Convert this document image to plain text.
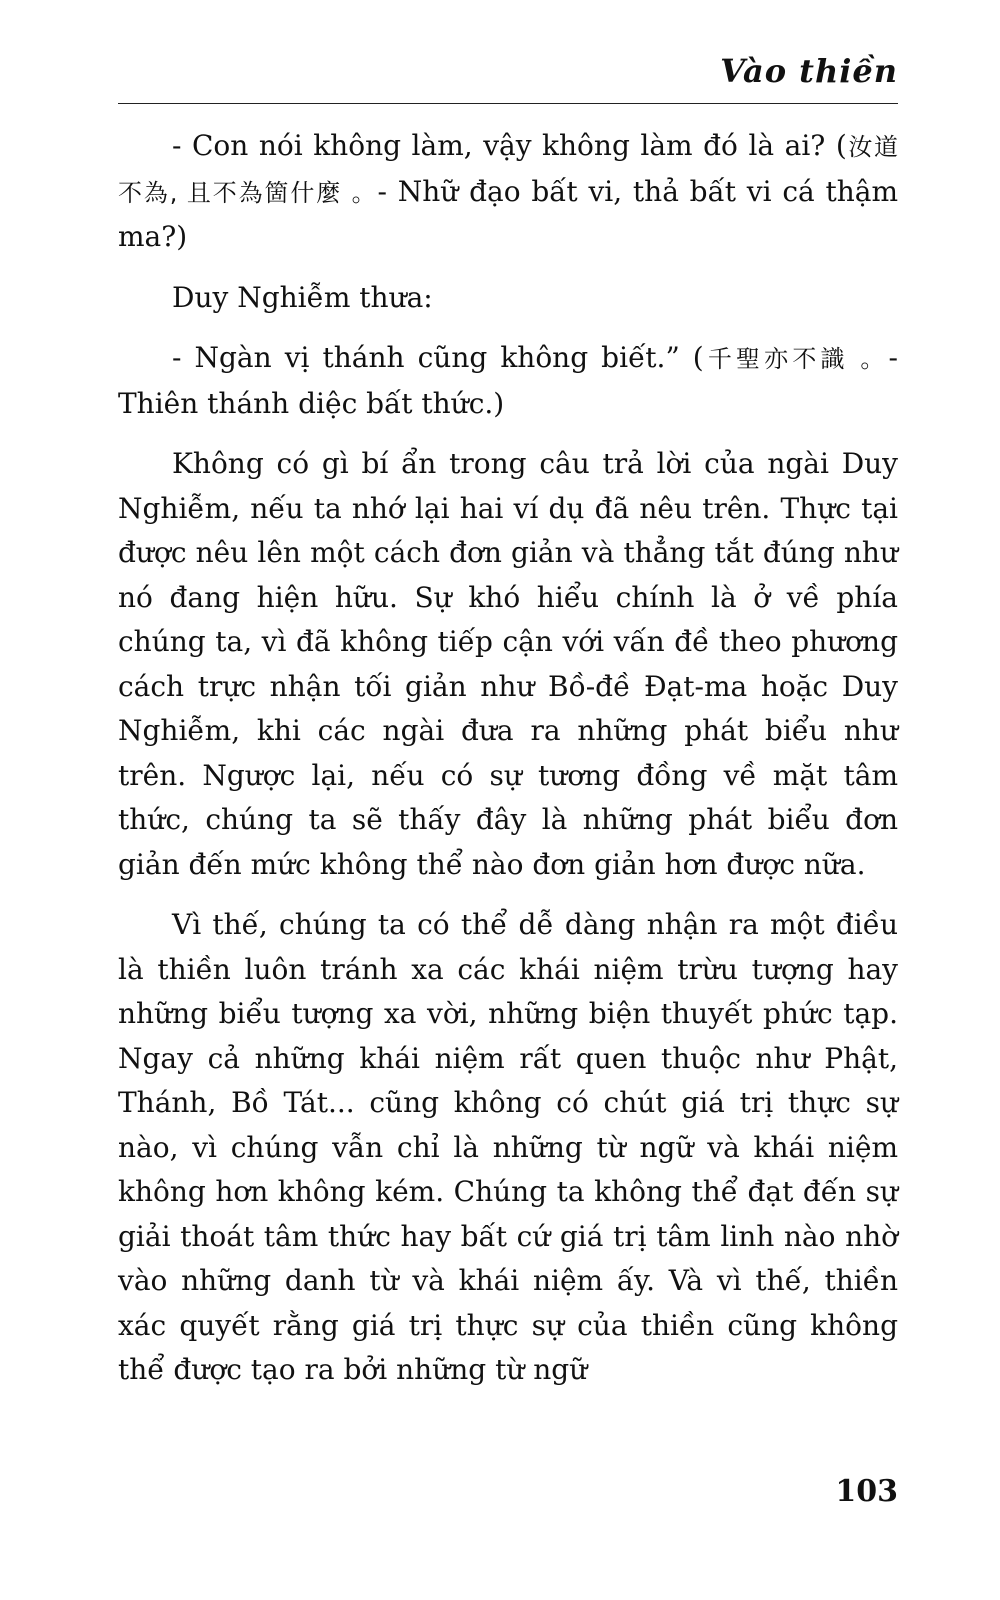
Vào thiền

- Con nói không làm, vậy không làm đó là ai? (汝道不為, 且不為箇什麼 。- Nhữ đạo bất vi, thả bất vi cá thậm ma?)

Duy Nghiễm thưa:

- Ngàn vị thánh cũng không biết.” (千聖亦不識 。- Thiên thánh diệc bất thức.)

Không có gì bí ẩn trong câu trả lời của ngài Duy Nghiễm, nếu ta nhớ lại hai ví dụ đã nêu trên. Thực tại được nêu lên một cách đơn giản và thẳng tắt đúng như nó đang hiện hữu. Sự khó hiểu chính là ở về phía chúng ta, vì đã không tiếp cận với vấn đề theo phương cách trực nhận tối giản như Bồ-đề Đạt-ma hoặc Duy Nghiễm, khi các ngài đưa ra những phát biểu như trên. Ngược lại, nếu có sự tương đồng về mặt tâm thức, chúng ta sẽ thấy đây là những phát biểu đơn giản đến mức không thể nào đơn giản hơn được nữa.

Vì thế, chúng ta có thể dễ dàng nhận ra một điều là thiền luôn tránh xa các khái niệm trừu tượng hay những biểu tượng xa vời, những biện thuyết phức tạp. Ngay cả những khái niệm rất quen thuộc như Phật, Thánh, Bồ Tát... cũng không có chút giá trị thực sự nào, vì chúng vẫn chỉ là những từ ngữ và khái niệm không hơn không kém. Chúng ta không thể đạt đến sự giải thoát tâm thức hay bất cứ giá trị tâm linh nào nhờ vào những danh từ và khái niệm ấy. Và vì thế, thiền xác quyết rằng giá trị thực sự của thiền cũng không thể được tạo ra bởi những từ ngữ

103
